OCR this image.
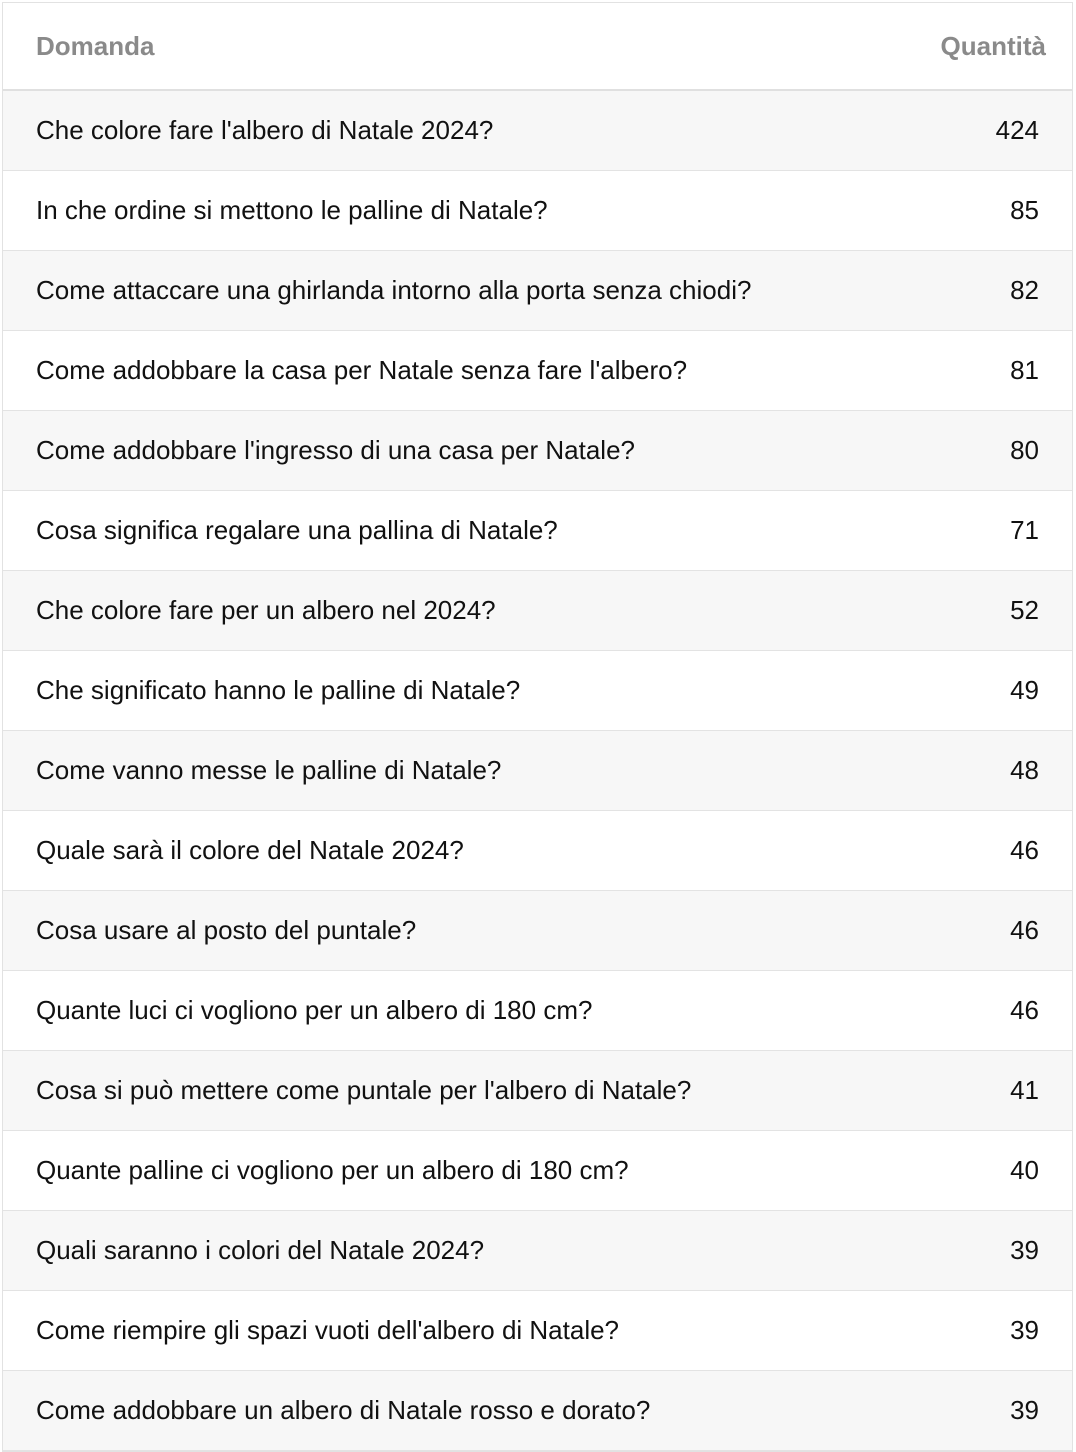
Domanda	Quantità
Che colore fare l'albero di Natale 2024?	424
In che ordine si mettono le palline di Natale?	85
Come attaccare una ghirlanda intorno alla porta senza chiodi?	82
Come addobbare la casa per Natale senza fare l'albero?	81
Come addobbare l'ingresso di una casa per Natale?	80
Cosa significa regalare una pallina di Natale?	71
Che colore fare per un albero nel 2024?	52
Che significato hanno le palline di Natale?	49
Come vanno messe le palline di Natale?	48
Quale sarà il colore del Natale 2024?	46
Cosa usare al posto del puntale?	46
Quante luci ci vogliono per un albero di 180 cm?	46
Cosa si può mettere come puntale per l'albero di Natale?	41
Quante palline ci vogliono per un albero di 180 cm?	40
Quali saranno i colori del Natale 2024?	39
Come riempire gli spazi vuoti dell'albero di Natale?	39
Come addobbare un albero di Natale rosso e dorato?	39
